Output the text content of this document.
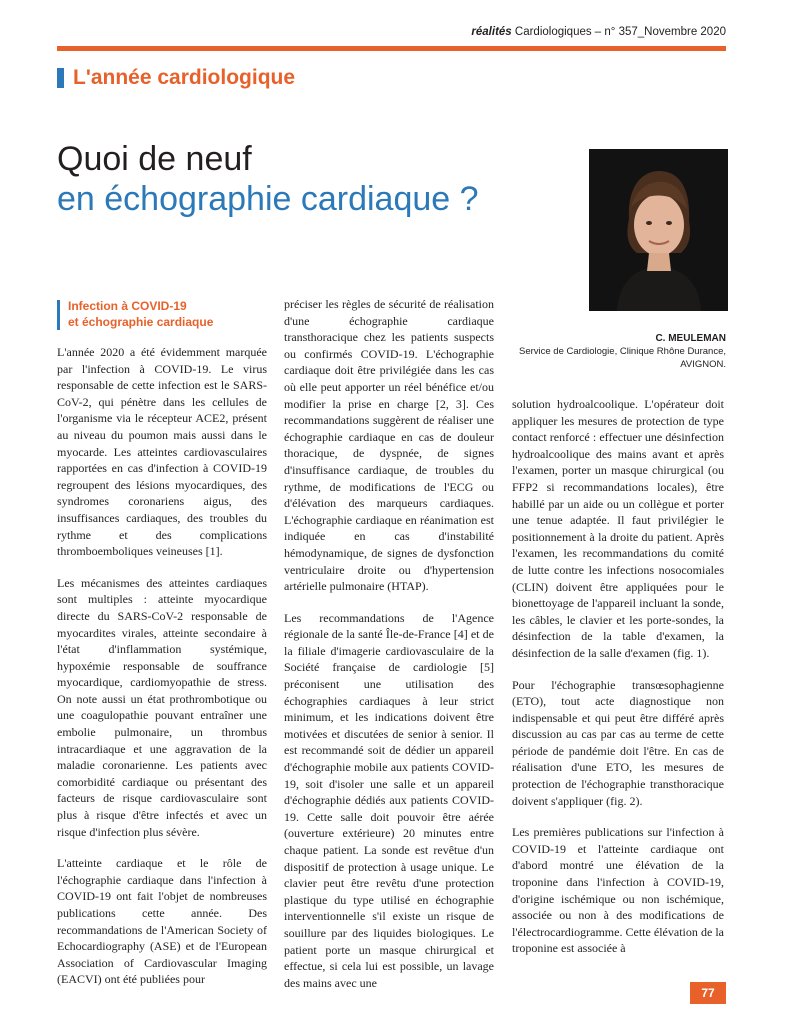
réalités Cardiologiques – n° 357_Novembre 2020
L'année cardiologique
Quoi de neuf
en échographie cardiaque ?
C. MEULEMAN
Service de Cardiologie, Clinique Rhône Durance,
AVIGNON.
Infection à COVID-19
et échographie cardiaque

L'année 2020 a été évidemment marquée par l'infection à COVID-19. Le virus responsable de cette infection est le SARS-CoV-2, qui pénètre dans les cellules de l'organisme via le récepteur ACE2, présent au niveau du poumon mais aussi dans le myocarde. Les atteintes cardiovasculaires rapportées en cas d'infection à COVID-19 regroupent des lésions myocardiques, des syndromes coronariens aigus, des insuffisances cardiaques, des troubles du rythme et des complications thromboemboliques veineuses [1].

Les mécanismes des atteintes cardiaques sont multiples : atteinte myocardique directe du SARS-CoV-2 responsable de myocardites virales, atteinte secondaire à l'état d'inflammation systémique, hypoxémie responsable de souffrance myocardique, cardiomyopathie de stress. On note aussi un état prothrombotique ou une coagulopathie pouvant entraîner une embolie pulmonaire, un thrombus intracardiaque et une aggravation de la maladie coronarienne. Les patients avec comorbidité cardiaque ou présentant des facteurs de risque cardiovasculaire sont plus à risque d'être infectés et avec un risque d'infection plus sévère.

L'atteinte cardiaque et le rôle de l'échographie cardiaque dans l'infection à COVID-19 ont fait l'objet de nombreuses publications cette année. Des recommandations de l'American Society of Echocardiography (ASE) et de l'European Association of Cardiovascular Imaging (EACVI) ont été publiées pour

préciser les règles de sécurité de réalisation d'une échographie cardiaque transthoracique chez les patients suspects ou confirmés COVID-19. L'échographie cardiaque doit être privilégiée dans les cas où elle peut apporter un réel bénéfice et/ou modifier la prise en charge [2, 3]. Ces recommandations suggèrent de réaliser une échographie cardiaque en cas de douleur thoracique, de dyspnée, de signes d'insuffisance cardiaque, de troubles du rythme, de modifications de l'ECG ou d'élévation des marqueurs cardiaques. L'échographie cardiaque en réanimation est indiquée en cas d'instabilité hémodynamique, de signes de dysfonction ventriculaire droite ou d'hypertension artérielle pulmonaire (HTAP).

Les recommandations de l'Agence régionale de la santé Île-de-France [4] et de la filiale d'imagerie cardiovasculaire de la Société française de cardiologie [5] préconisent une utilisation des échographies cardiaques à leur strict minimum, et les indications doivent être motivées et discutées de senior à senior. Il est recommandé soit de dédier un appareil d'échographie mobile aux patients COVID-19, soit d'isoler une salle et un appareil d'échographie dédiés aux patients COVID-19. Cette salle doit pouvoir être aérée (ouverture extérieure) 20 minutes entre chaque patient. La sonde est revêtue d'un dispositif de protection à usage unique. Le clavier peut être revêtu d'une protection plastique du type utilisé en échographie interventionnelle s'il existe un risque de souillure par des liquides biologiques. Le patient porte un masque chirurgical et effectue, si cela lui est possible, un lavage des mains avec une

solution hydroalcoolique. L'opérateur doit appliquer les mesures de protection de type contact renforcé : effectuer une désinfection hydroalcoolique des mains avant et après l'examen, porter un masque chirurgical (ou FFP2 si recommandations locales), être habillé par un aide ou un collègue et porter une tenue adaptée. Il faut privilégier le positionnement à la droite du patient. Après l'examen, les recommandations du comité de lutte contre les infections nosocomiales (CLIN) doivent être appliquées pour le bionettoyage de l'appareil incluant la sonde, les câbles, le clavier et les porte-sondes, la désinfection de la table d'examen, la désinfection de la salle d'examen (fig. 1).

Pour l'échographie transœsophagienne (ETO), tout acte diagnostique non indispensable et qui peut être différé après discussion au cas par cas au terme de cette période de pandémie doit l'être. En cas de réalisation d'une ETO, les mesures de protection de l'échographie transthoracique doivent s'appliquer (fig. 2).

Les premières publications sur l'infection à COVID-19 et l'atteinte cardiaque ont d'abord montré une élévation de la troponine dans l'infection à COVID-19, d'origine ischémique ou non ischémique, associée ou non à des modifications de l'électrocardiogramme. Cette élévation de la troponine est associée à

77
